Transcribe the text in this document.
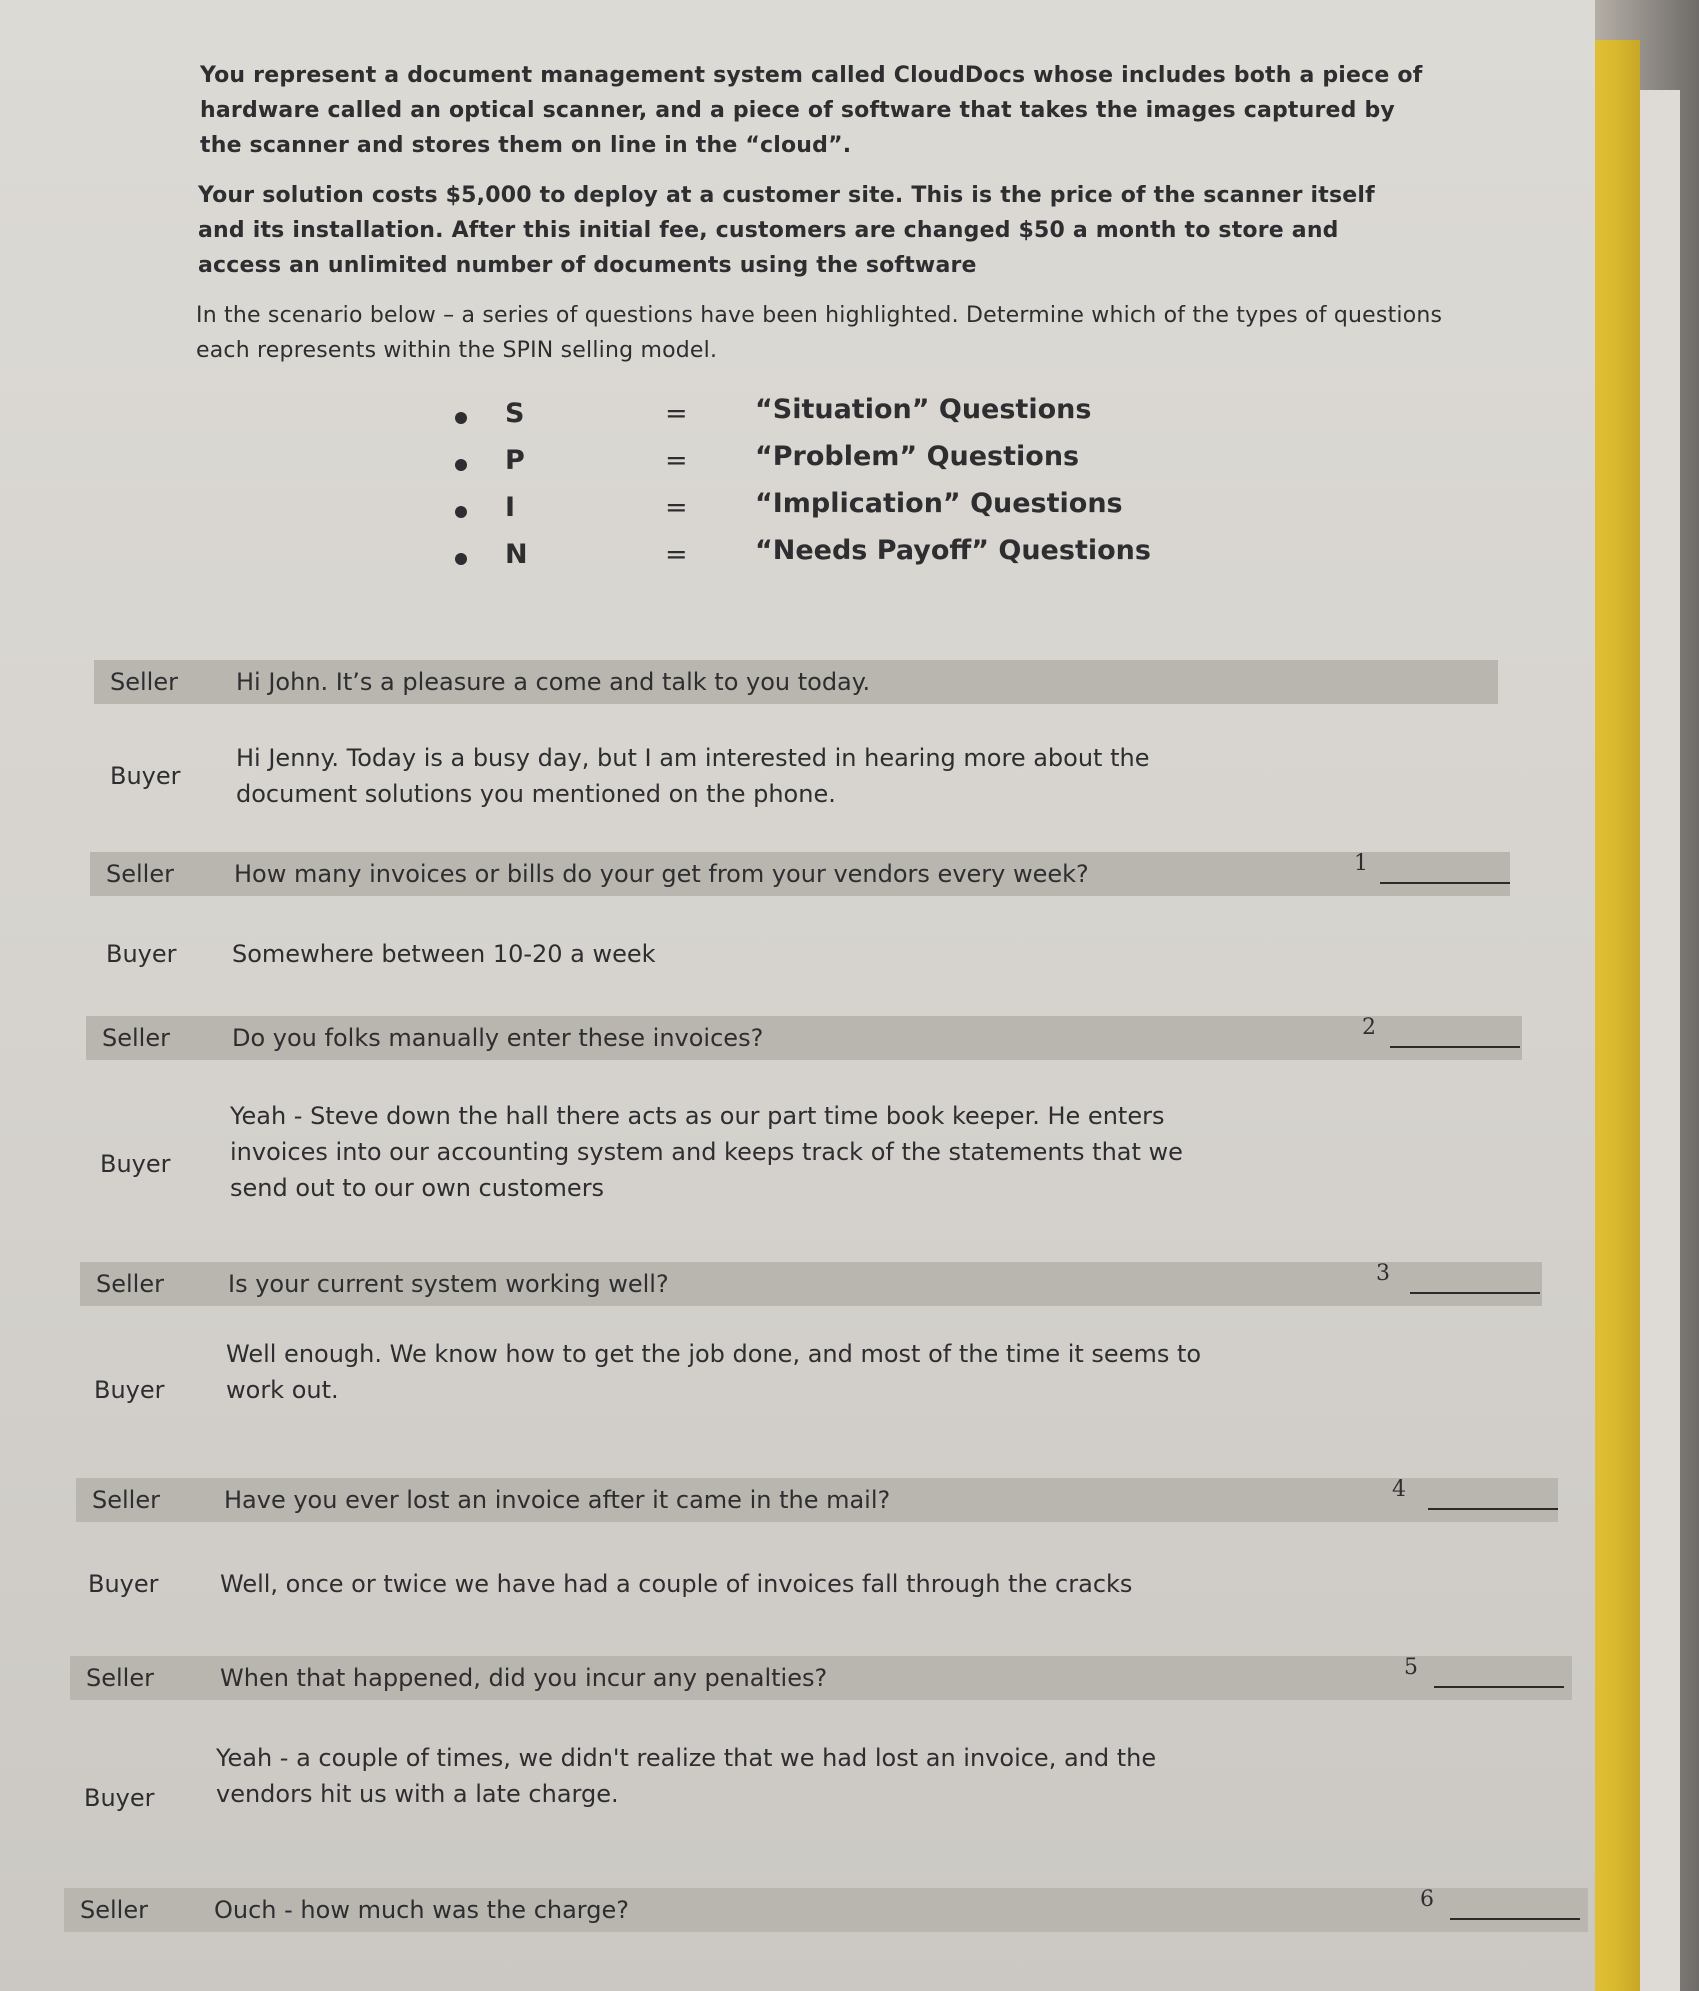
You represent a document management system called CloudDocs whose includes both a piece of hardware called an optical scanner, and a piece of software that takes the images captured by the scanner and stores them on line in the “cloud”.

Your solution costs $5,000 to deploy at a customer site. This is the price of the scanner itself and its installation. After this initial fee, customers are changed $50 a month to store and access an unlimited number of documents using the software

In the scenario below – a series of questions have been highlighted. Determine which of the types of questions each represents within the SPIN selling model.

S	= “Situation” Questions
P	= “Problem” Questions
I	= “Implication” Questions
N	= “Needs Payoff” Questions
Seller Hi John. It’s a pleasure a come and talk to you today.
Buyer
Hi Jenny. Today is a busy day, but I am interested in hearing more about the document solutions you mentioned on the phone.
Seller	How many invoices or bills do your get from your vendors every week?	1
Buyer Somewhere between 10-20 a week
Seller	Do you folks manually enter these invoices?	2
Buyer
Yeah - Steve down the hall there acts as our part time book keeper. He enters invoices into our accounting system and keeps track of the statements that we send out to our own customers
Seller	Is your current system working well?	3
Buyer
Well enough. We know how to get the job done, and most of the time it seems to work out.
Seller	Have you ever lost an invoice after it came in the mail?	4
Buyer	Well, once or twice we have had a couple of invoices fall through the cracks
Seller	When that happened, did you incur any penalties?	5
Buyer
Yeah - a couple of times, we didn't realize that we had lost an invoice, and the vendors hit us with a late charge.
Seller	Ouch - how much was the charge?	6
